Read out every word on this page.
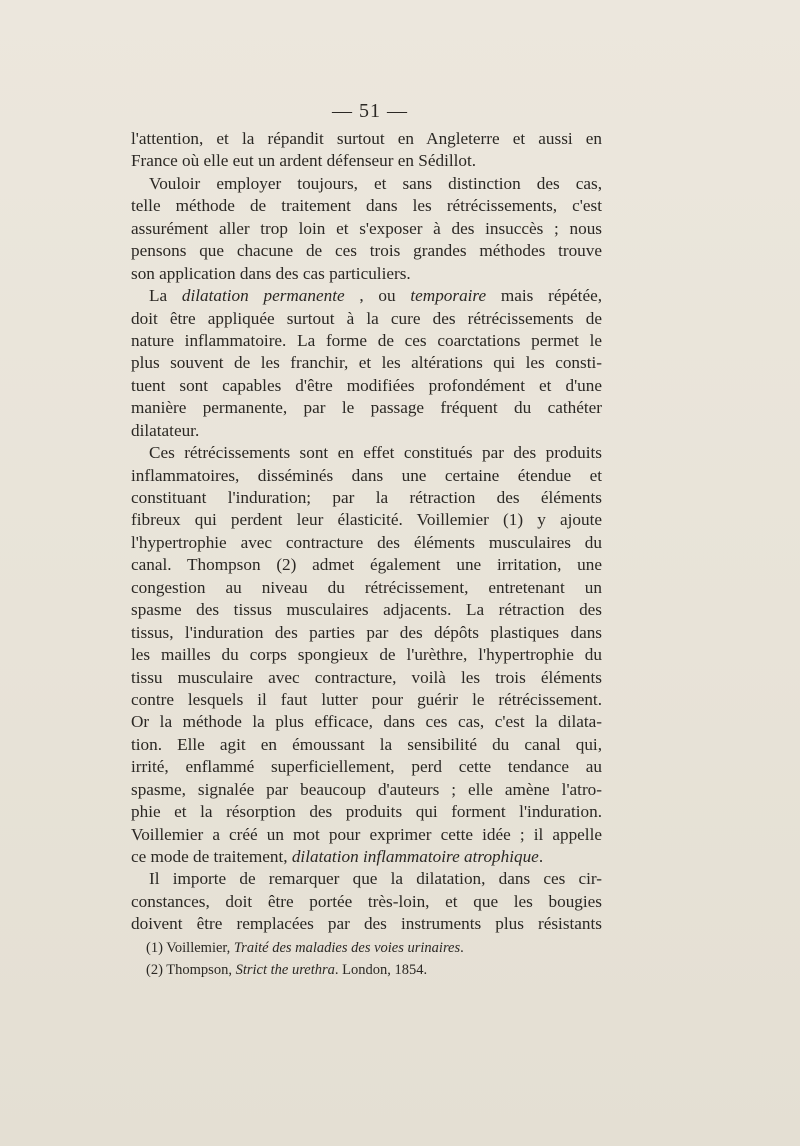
— 51 —
l'attention, et la répandit surtout en Angleterre et aussi en
France où elle eut un ardent défenseur en Sédillot.
Vouloir employer toujours, et sans distinction des cas,
telle méthode de traitement dans les rétrécissements, c'est
assurément aller trop loin et s'exposer à des insuccès ; nous
pensons que chacune de ces trois grandes méthodes trouve
son application dans des cas particuliers.
La dilatation permanente , ou temporaire mais répétée,
doit être appliquée surtout à la cure des rétrécissements de
nature inflammatoire. La forme de ces coarctations permet le
plus souvent de les franchir, et les altérations qui les consti-
tuent sont capables d'être modifiées profondément et d'une
manière permanente, par le passage fréquent du cathéter
dilatateur.
Ces rétrécissements sont en effet constitués par des produits
inflammatoires, disséminés dans une certaine étendue et
constituant l'induration; par la rétraction des éléments
fibreux qui perdent leur élasticité. Voillemier (1) y ajoute
l'hypertrophie avec contracture des éléments musculaires du
canal. Thompson (2) admet également une irritation, une
congestion au niveau du rétrécissement, entretenant un
spasme des tissus musculaires adjacents. La rétraction des
tissus, l'induration des parties par des dépôts plastiques dans
les mailles du corps spongieux de l'urèthre, l'hypertrophie du
tissu musculaire avec contracture, voilà les trois éléments
contre lesquels il faut lutter pour guérir le rétrécissement.
Or la méthode la plus efficace, dans ces cas, c'est la dilata-
tion. Elle agit en émoussant la sensibilité du canal qui,
irrité, enflammé superficiellement, perd cette tendance au
spasme, signalée par beaucoup d'auteurs ; elle amène l'atro-
phie et la résorption des produits qui forment l'induration.
Voillemier a créé un mot pour exprimer cette idée ; il appelle
ce mode de traitement, dilatation inflammatoire atrophique.
Il importe de remarquer que la dilatation, dans ces cir-
constances, doit être portée très-loin, et que les bougies
doivent être remplacées par des instruments plus résistants
(1) Voillemier, Traité des maladies des voies urinaires.
(2) Thompson, Strict the urethra. London, 1854.
